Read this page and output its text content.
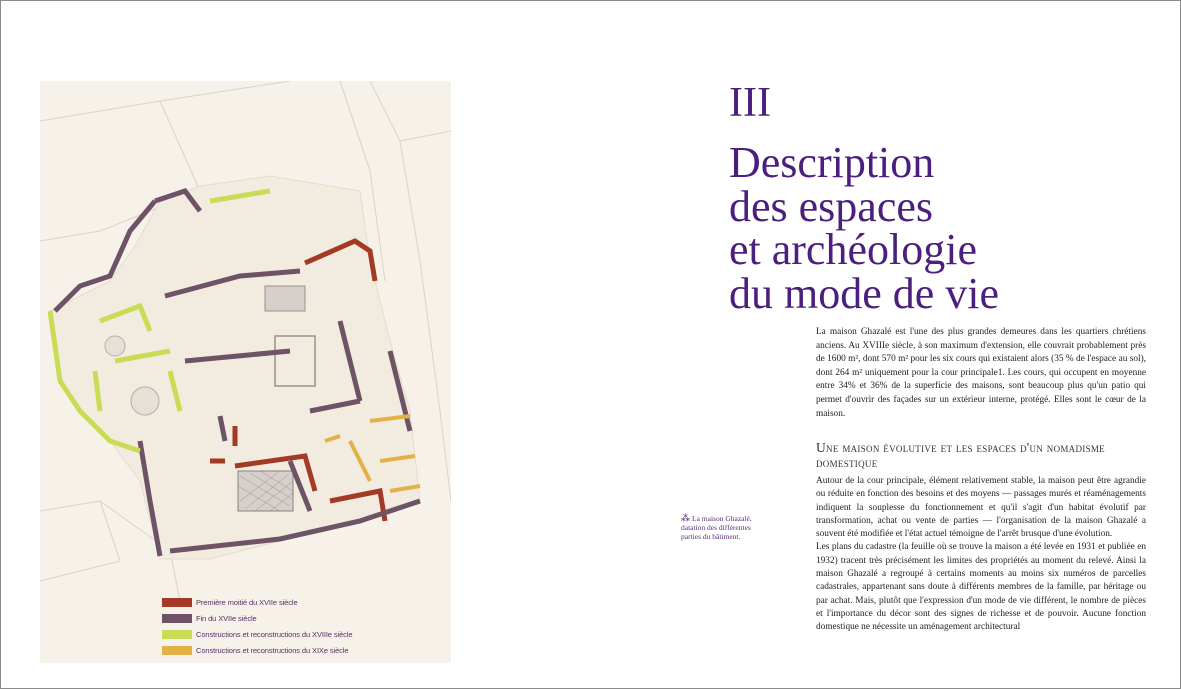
Première moitié du XVIIe siècle
Fin du XVIIe siècle
Constructions et reconstructions du XVIIIe siècle
Constructions et reconstructions du XIXe siècle
⁂ La maison Ghazalé, datation des différentes parties du bâtiment.
III
Description
des espaces
et archéologie
du mode de vie

La maison Ghazalé est l'une des plus grandes demeures dans les quartiers chrétiens anciens. Au XVIIIe siècle, à son maximum d'extension, elle couvrait probablement près de 1600 m², dont 570 m² pour les six cours qui existaient alors (35 % de l'espace au sol), dont 264 m² uniquement pour la cour principale1. Les cours, qui occupent en moyenne entre 34% et 36% de la superficie des maisons, sont beaucoup plus qu'un patio qui permet d'ouvrir des façades sur un extérieur interne, protégé. Elles sont le cœur de la maison.

Une maison évolutive et les espaces d'un nomadisme domestique

Autour de la cour principale, élément relativement stable, la maison peut être agrandie ou réduite en fonction des besoins et des moyens — passages murés et réaménagements indiquent la souplesse du fonctionnement et qu'il s'agit d'un habitat évolutif par transformation, achat ou vente de parties — l'organisation de la maison Ghazalé a souvent été modifiée et l'état actuel témoigne de l'arrêt brusque d'une évolution.

Les plans du cadastre (la feuille où se trouve la maison a été levée en 1931 et publiée en 1932) tracent très précisément les limites des propriétés au moment du relevé. Ainsi la maison Ghazalé a regroupé à certains moments au moins six numéros de parcelles cadastrales, appartenant sans doute à différents membres de la famille, par héritage ou par achat. Mais, plutôt que l'expression d'un mode de vie différent, le nombre de pièces et l'importance du décor sont des signes de richesse et de pouvoir. Aucune fonction domestique ne nécessite un aménagement architectural
